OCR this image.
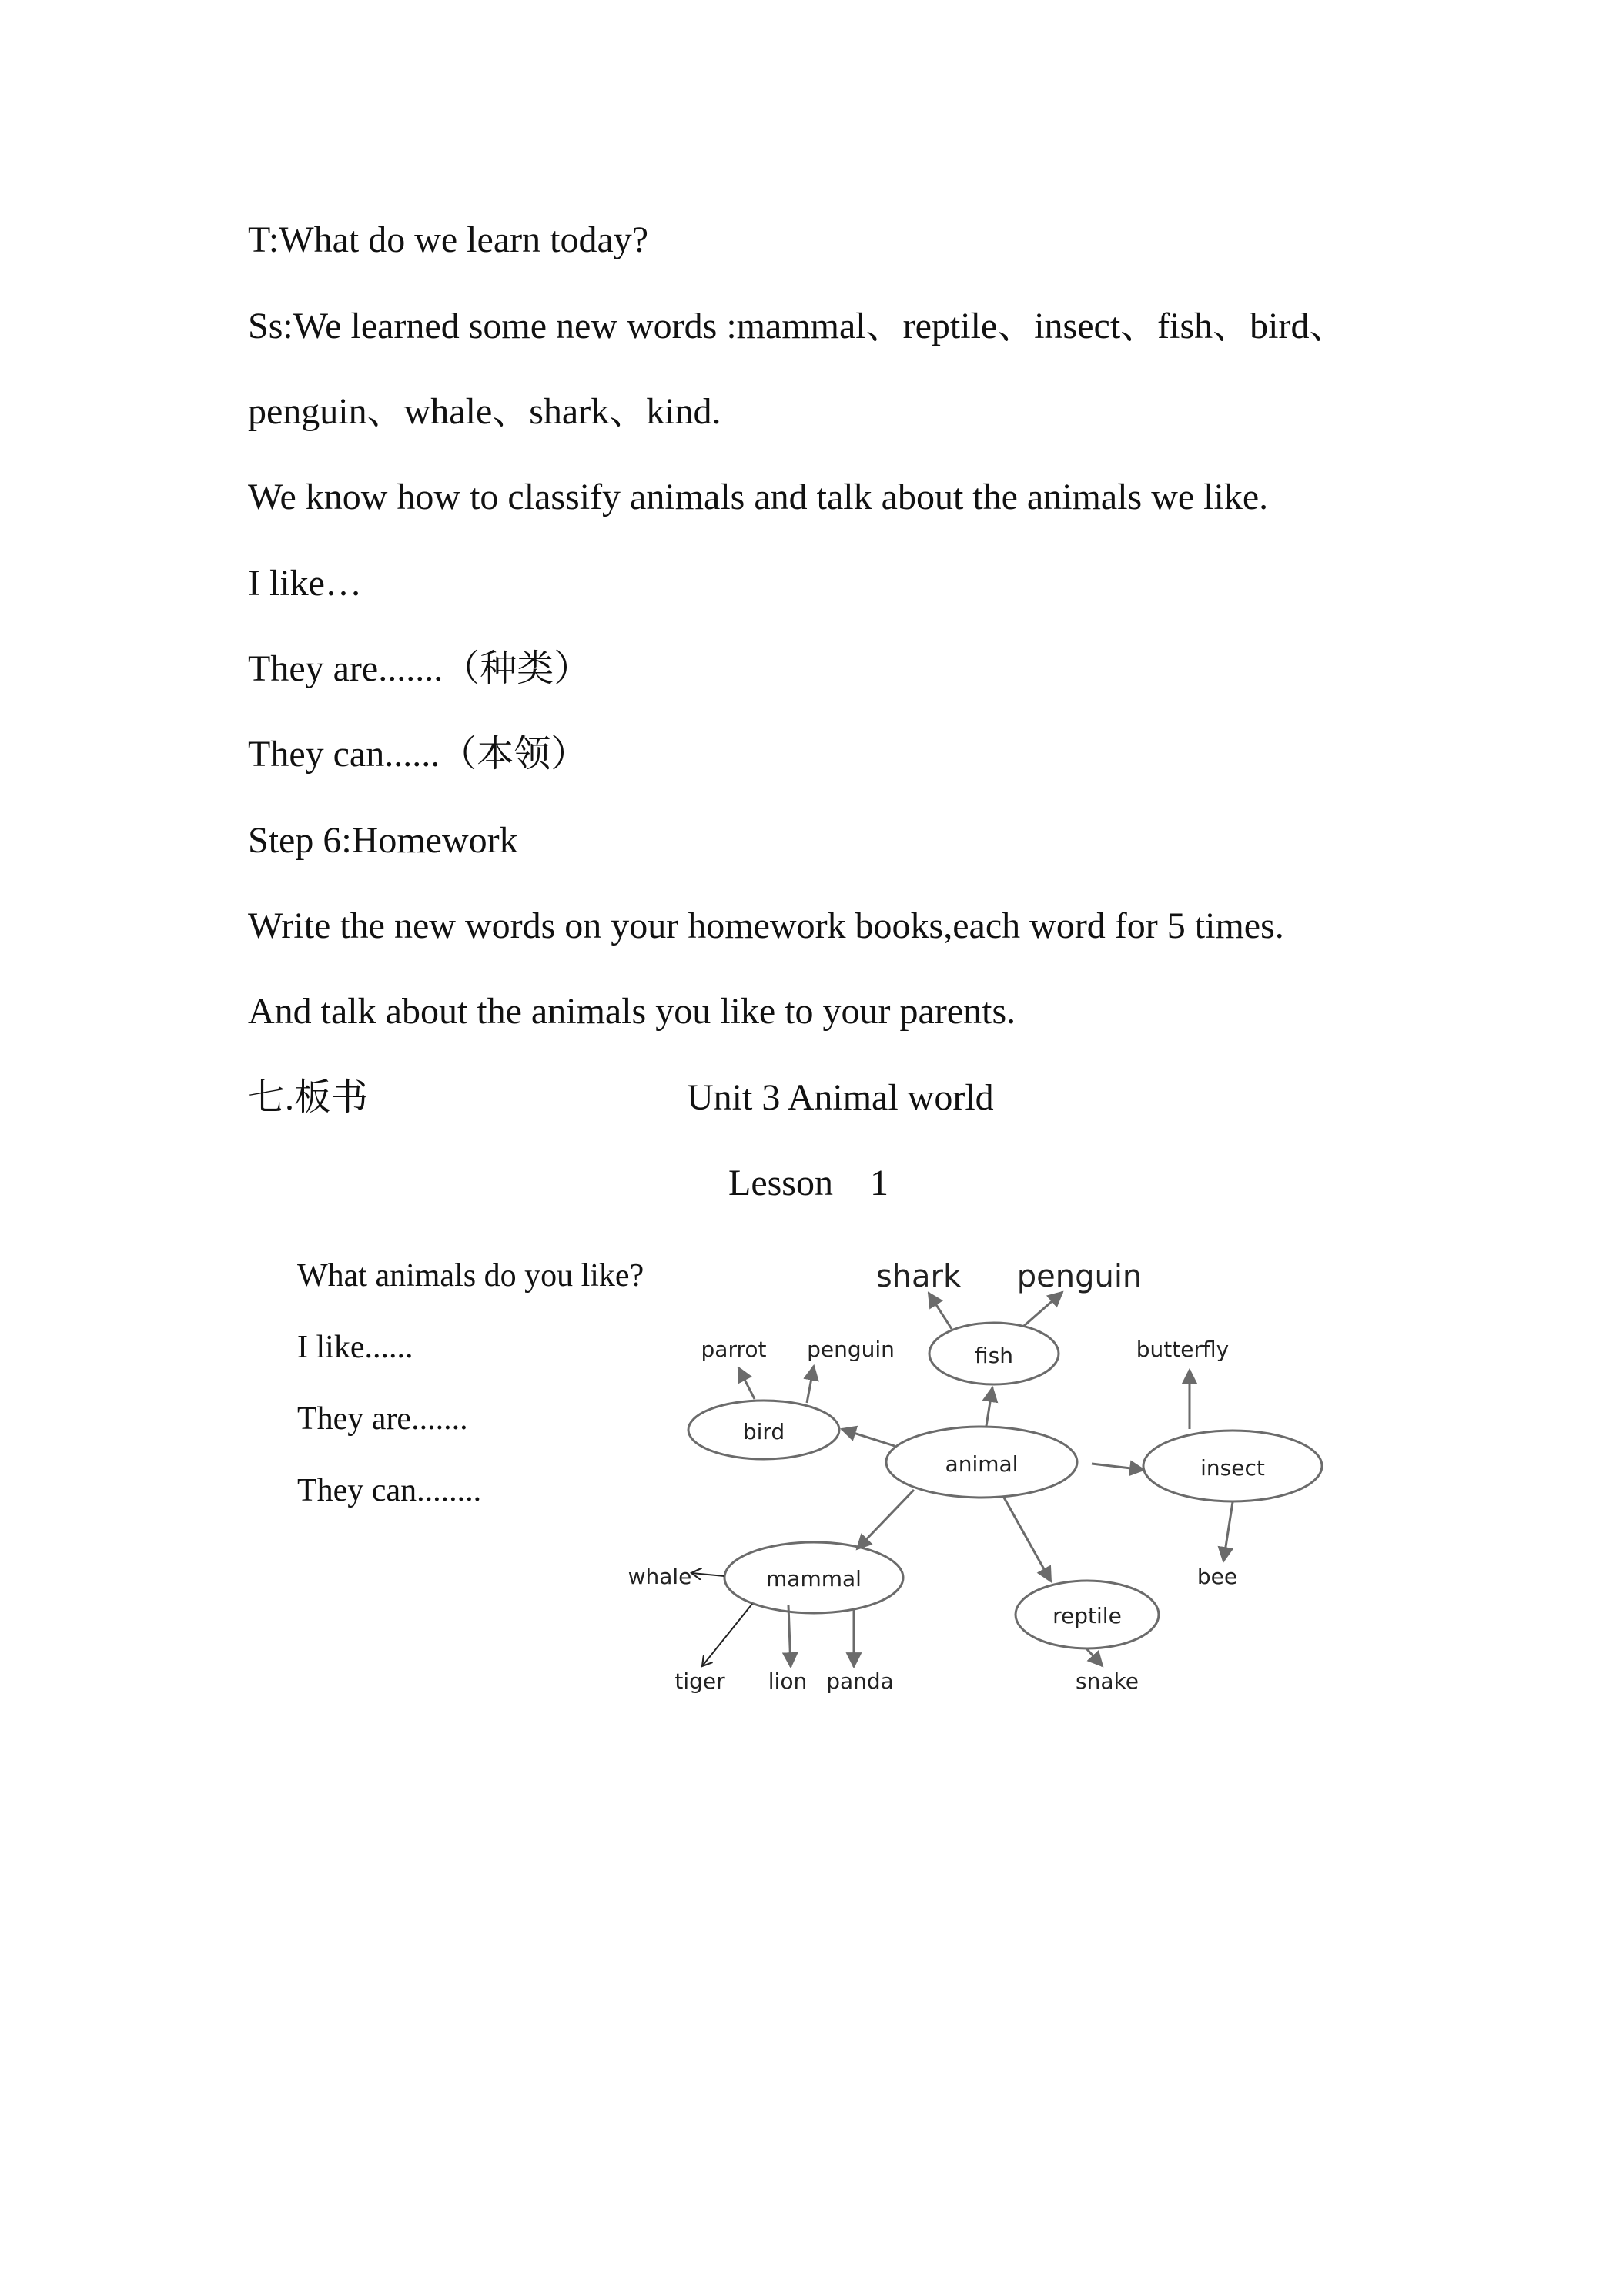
T:What do we learn today?
Ss:We learned some new words :mammal、reptile、insect、fish、bird、
penguin、whale、shark、kind.
We know how to classify animals and talk about the animals we like.
I like…
They are.......（种类）
They can......（本领）
Step 6:Homework
Write the new words on your homework books,each word for 5 times.
And talk about the animals you like to your parents.
七.板书	Unit 3 Animal world
Lesson    1
What animals do you like?
I like......
They are.......
They can........
animal
fish
bird
insect
mammal
reptile
shark penguin
parrot penguin	butterfly
bee
whale
tiger lion panda	snake
